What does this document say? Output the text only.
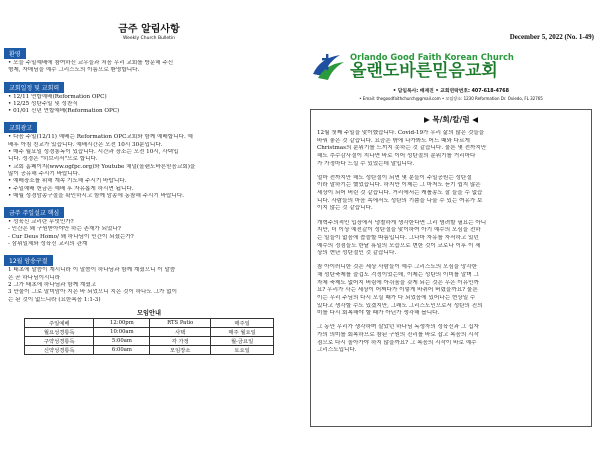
금주 알림사항
Weekly Church Bulletin
환영
• 오늘 주일예배에 참여하신 교우들과 처음 우리 교회를 방문해 주신
형제, 자매님을 예수 그리스도의 이름으로 환영합니다.
교회일정 및 교회력
• 12/11 연합예배(Reformation OPC)
• 12/25 성탄주일 및 성찬식
• 01/01 신년 연합예배(Reformation OPC)
교회광고
• 다음 주일(12/11) 예배는 Reformation OPC교회와 함께 예배합니다. 예
배후 아침 친교가 있습니다. 예배시간은 오전 10시 30분입니다.
• 매주 월요일 성경통독이 있습니다. 시간과 장소는 오전 10시, 사택입
니다. 성경은 "히브리서"으로 합니다.
• 교회 홈페이지(www.ogfpc.org)와 Youtube 채널(올랜도바른믿음교회)을
많이 공유해 주시기 바랍니다.
• 예배장소를 위해 계속 기도해 주시기 바랍니다.
• 주일예배 헌금은 예배 후 자유롭게 하시면 됩니다.
• 매월 성경암송구절을 확인하시고 함께 암송에 동참해 주시기 바랍니다.
금주 주일설교 핵심
• 성육신 교리란 무엇인가?
- 인간은 왜 구원받아야만 하는 존재가 되었나?
- Cur Deus Homo/ 왜 하나님이 인간이 되셨는가?
- 삼위일체와 성육신 교리의 관계
12월 암송구절
1 태초에 말씀이 계시니라 이 말씀이 하나님과 함께 계셨으니 이 말씀
은 곧 하나님이시니라
2 그가 태초에 하나님과 함께 계셨고
3 만물이 그로 말미암아 지은 바 되었으니 지은 것이 하나도 그가 없이
는 된 것이 없느니라 (요한복음 1:1-3)
모임안내
주일예배	12:00pm	RTS Patio	매주일
월요성경통독	10:00am	사택	매주 월요일
구약성경통독	5:00am	각 가정	월-금요일
신약성경통독	6:00am	모임장소	토요일
December 5, 2022 (No. 1-49)
Orlando Good Faith Korean Church
올랜도바른믿음교회
• 담임목사: 배재진 • 교회연락번호: 407-618-4768
• Email: thegoodfaithchurch@gmail.com • 모임장소: 1230 Reformation Dr. Oviedo, FL 32765
▶ 목/회/칼/럼 ◀
12월 첫째 주일을 맞이했습니다. Covid-19가 우리 삶의 많은 것들을
바꿔 놓은 것 같습니다. 요즘은 밖에 나가봐도 어느 때와 다르게
Christmas의 분위기를 느끼지 못하는 것 같습니다. 물론 몇 전까지만
해도 추수감사절이 지나면 바로 이어 성탄절의 분위기를 거리마다
가 가정마다 느낄 수 있었는데 말입니다.
얼마 전까지만 해도 성탄절이 되면 몇 분들이 주일공원는 성탄절
이라 말하기는 했었습니다. 하지만 이제는 그 마저도 듣기 쉽지 않은
세상이 되어 버린 것 같습니다. 거리에서는 캐롤송도 잘 들을 수 없습
니다. 사람들의 마음 속에서도 성탄의 기쁨을 나눌 수 있는 여유가 보
이지 않는 것 같습니다.
개혁주의적인 입장에서 냉철하게 생각한다면 그리 염려할 필요는 아니
지만, 더 이상 예전같이 성탄절을 맞이하여 아기 예수의 오심을 전하
는 일들이 없음에 씁쓸할 따름입니다. 그나마 자유를 자서하고 있던
예수의 정점들도 한낱 휴일의 모습으로 변한 것이 코로나 이후 이 세
상의 현난 성탄절인 것 같습니다.
참 아이러니한 것은 세상 사람들이 예수 그리스도의 오심을 망각한
채 성탄축제를 즐겁도 걱정이었는데, 이제는 성탄의 이미를 알며 그
자체 축제도 없어지 버림에 아쉬움을 갖게 되는 것은 우은 이유인까
요? 우리가 사는 세상이 어쩌다가 이렇게 바뀌어 버렸을까요? 물론
이는 우리 주님의 다시 오실 때가 다 되었음에 있어나는 현상일 수
있다고 생각할 수도 있겠지만, 그래도 그리스도인으로서 성탄의 진의
미를 다시 회복해야 할 때가 아닌가 생각해 봅니다.
그 동안 우리가 생각하며 살았던 하나님 독생자의 성육신과 그 십자
가의 의미를 회복하므로 참된 구원의 진리를 바로 잡고 복음의 시작
점으로 다시 돌아가야 하지 않을까요? 그 복음의 시작이 바로 예수
그리스도입니다.
